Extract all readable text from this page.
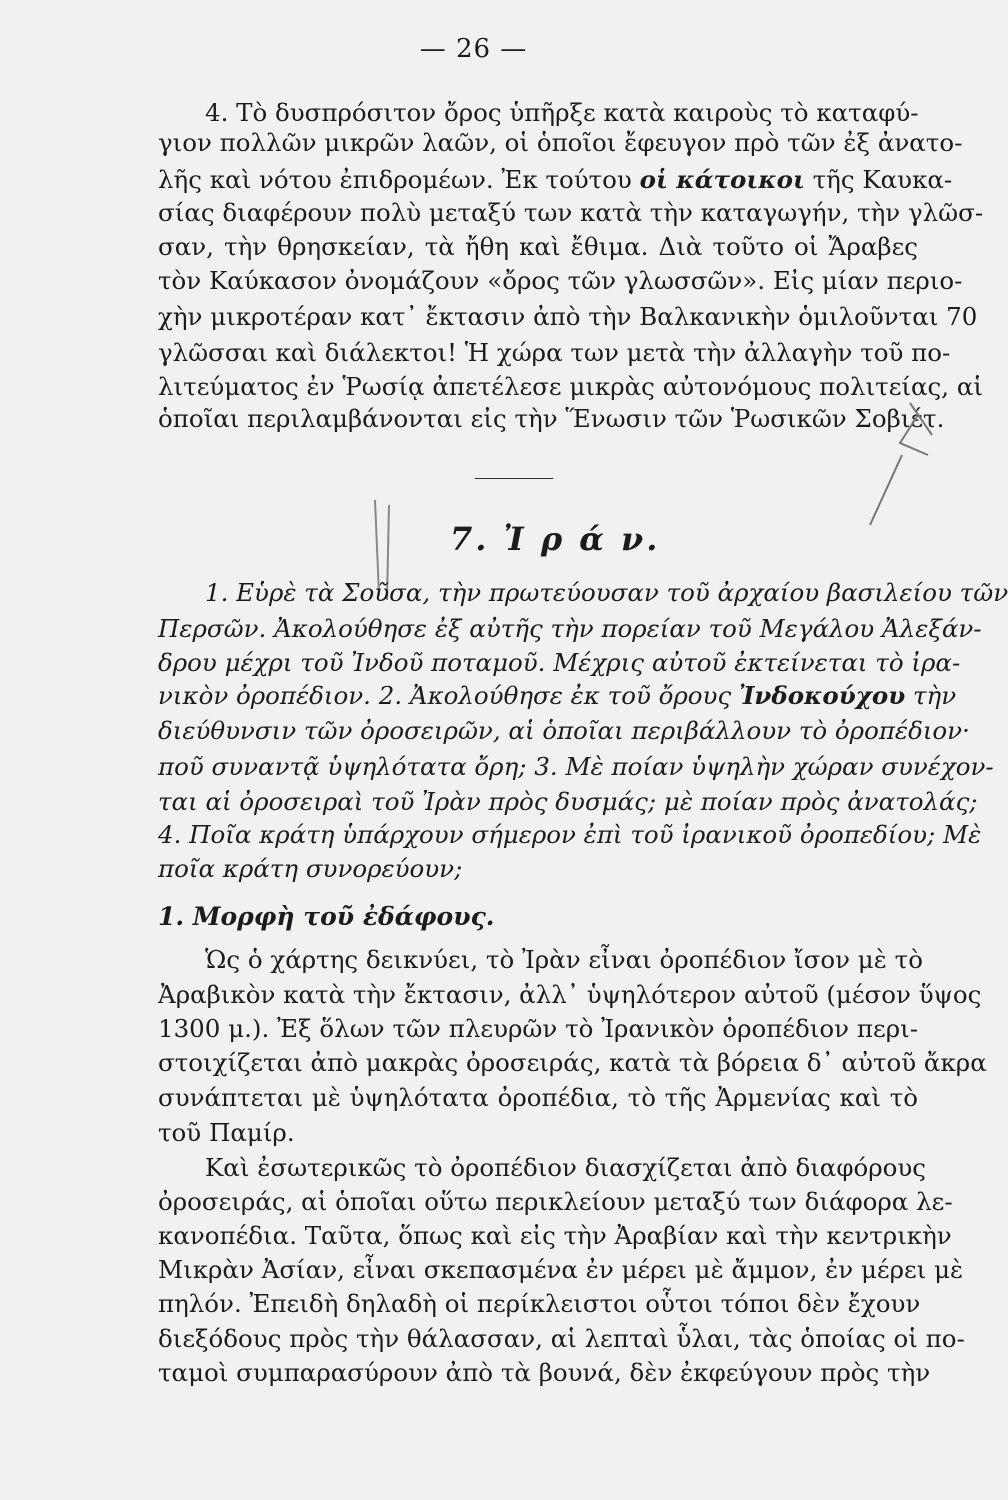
— 26 —
4. Τὸ δυσπρόσιτον ὄρος ὑπῆρξε κατὰ καιροὺς τὸ καταφύ-
γιον πολλῶν μικρῶν λαῶν, οἱ ὁποῖοι ἔφευγον πρὸ τῶν ἐξ ἀνατο-
λῆς καὶ νότου ἐπιδρομέων. Ἐκ τούτου οἱ κάτοικοι τῆς Καυκα-
σίας διαφέρουν πολὺ μεταξύ των κατὰ τὴν καταγωγήν, τὴν γλῶσ-
σαν, τὴν θρησκείαν, τὰ ἤθη καὶ ἔθιμα. Διὰ τοῦτο οἱ Ἄραβες
τὸν Καύκασον ὀνομάζουν «ὄρος τῶν γλωσσῶν». Εἰς μίαν περιο-
χὴν μικροτέραν κατ᾽ ἔκτασιν ἀπὸ τὴν Βαλκανικὴν ὁμιλοῦνται 70
γλῶσσαι καὶ διάλεκτοι! Ἡ χώρα των μετὰ τὴν ἀλλαγὴν τοῦ πο-
λιτεύματος ἐν Ῥωσίᾳ ἀπετέλεσε μικρὰς αὐτονόμους πολιτείας, αἱ
ὁποῖαι περιλαμβάνονται εἰς τὴν Ἕνωσιν τῶν Ῥωσικῶν Σοβιέτ.
7. Ἰ ρ ά ν.
1. Εὑρὲ τὰ Σοῦσα, τὴν πρωτεύουσαν τοῦ ἀρχαίου βασιλείου τῶν
Περσῶν. Ἀκολούθησε ἐξ αὐτῆς τὴν πορείαν τοῦ Μεγάλου Ἀλεξάν-
δρου μέχρι τοῦ Ἰνδοῦ ποταμοῦ. Μέχρις αὐτοῦ ἐκτείνεται τὸ ἰρα-
νικὸν ὀροπέδιον. 2. Ἀκολούθησε ἐκ τοῦ ὄρους Ἰνδοκούχου τὴν
διεύθυνσιν τῶν ὀροσειρῶν, αἱ ὁποῖαι περιβάλλουν τὸ ὀροπέδιον·
ποῦ συναντᾷ ὑψηλότατα ὄρη; 3. Μὲ ποίαν ὑψηλὴν χώραν συνέχον-
ται αἱ ὀροσειραὶ τοῦ Ἰρὰν πρὸς δυσμάς; μὲ ποίαν πρὸς ἀνατολάς;
4. Ποῖα κράτη ὑπάρχουν σήμερον ἐπὶ τοῦ ἰρανικοῦ ὀροπεδίου; Μὲ
ποῖα κράτη συνορεύουν;
1. Μορφὴ τοῦ ἐδάφους.
Ὡς ὁ χάρτης δεικνύει, τὸ Ἰρὰν εἶναι ὀροπέδιον ἴσον μὲ τὸ
Ἀραβικὸν κατὰ τὴν ἔκτασιν, ἀλλ᾽ ὑψηλότερον αὐτοῦ (μέσον ὕψος
1300 μ.). Ἐξ ὅλων τῶν πλευρῶν τὸ Ἰρανικὸν ὀροπέδιον περι-
στοιχίζεται ἀπὸ μακρὰς ὀροσειράς, κατὰ τὰ βόρεια δ᾽ αὐτοῦ ἄκρα
συνάπτεται μὲ ὑψηλότατα ὀροπέδια, τὸ τῆς Ἀρμενίας καὶ τὸ
τοῦ Παμίρ.
Καὶ ἐσωτερικῶς τὸ ὀροπέδιον διασχίζεται ἀπὸ διαφόρους
ὀροσειράς, αἱ ὁποῖαι οὕτω περικλείουν μεταξύ των διάφορα λε-
κανοπέδια. Ταῦτα, ὅπως καὶ εἰς τὴν Ἀραβίαν καὶ τὴν κεντρικὴν
Μικρὰν Ἀσίαν, εἶναι σκεπασμένα ἐν μέρει μὲ ἄμμον, ἐν μέρει μὲ
πηλόν. Ἐπειδὴ δηλαδὴ οἱ περίκλειστοι οὗτοι τόποι δὲν ἔχουν
διεξόδους πρὸς τὴν θάλασσαν, αἱ λεπταὶ ὗλαι, τὰς ὁποίας οἱ πο-
ταμοὶ συμπαρασύρουν ἀπὸ τὰ βουνά, δὲν ἐκφεύγουν πρὸς τὴν
